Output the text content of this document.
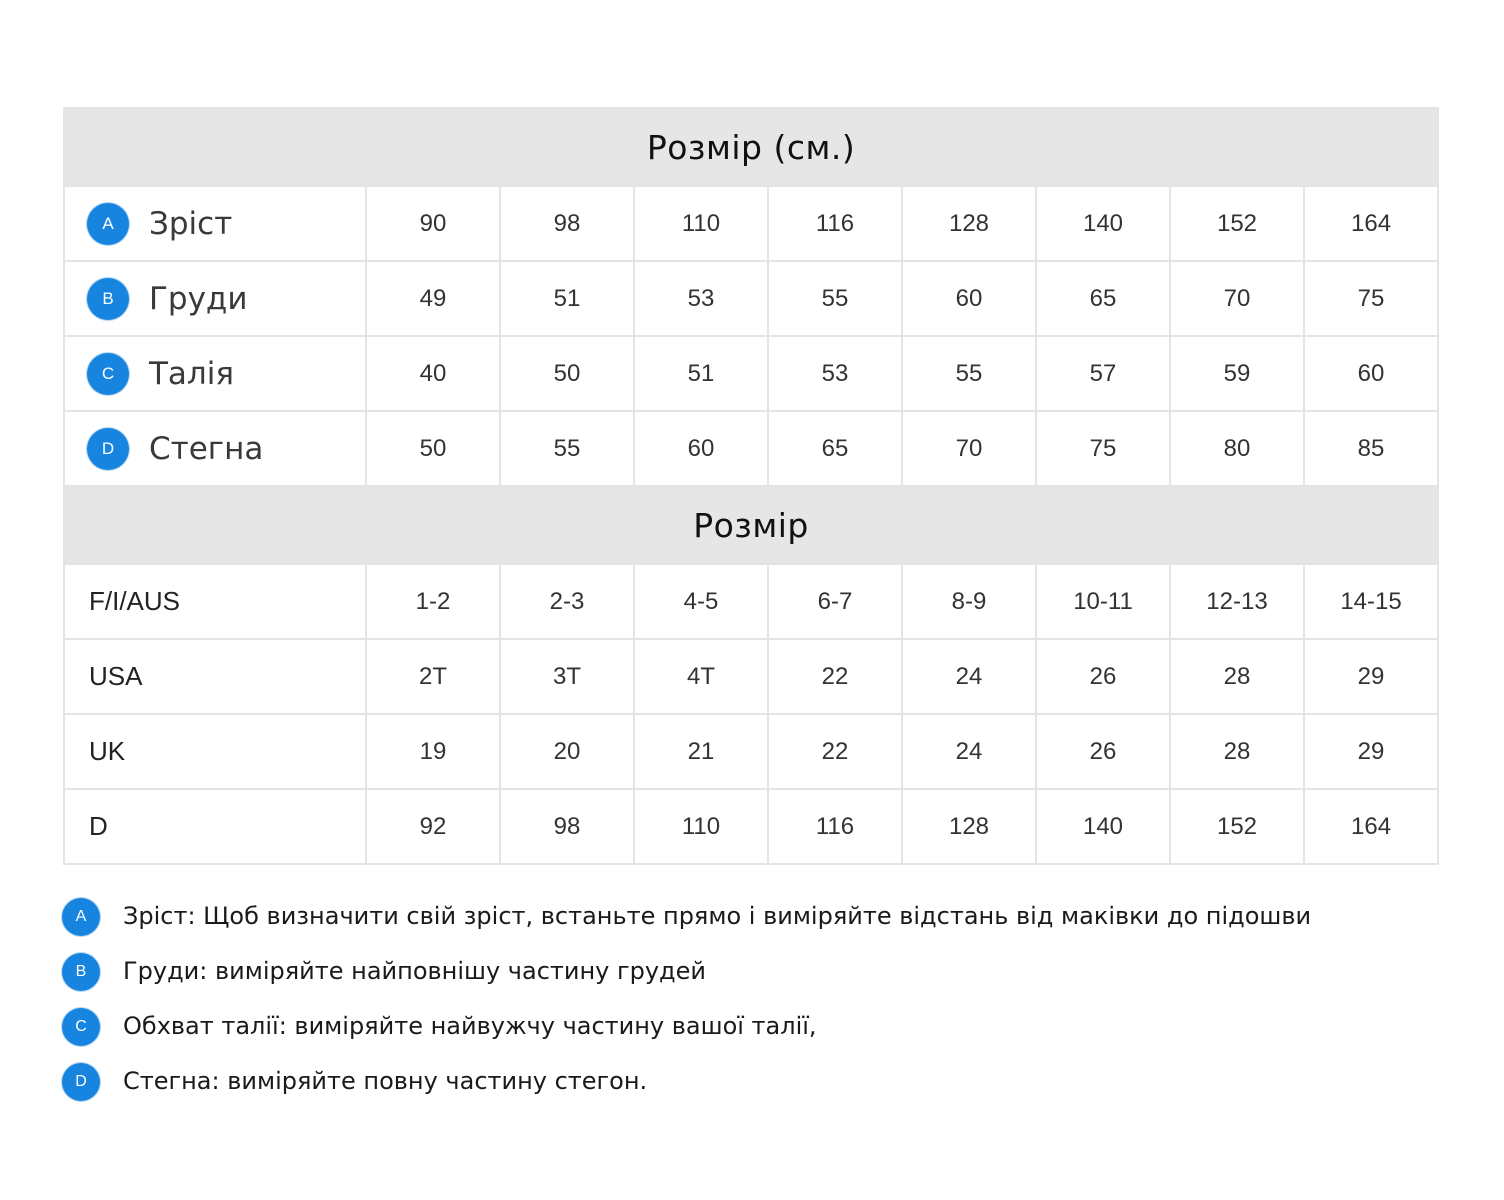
Розмір (см.)								
A Зріст	90	98	110	116	128	140	152	164
B Груди	49	51	53	55	60	65	70	75
C Талія	40	50	51	53	55	57	59	60
D Стегна	50	55	60	65	70	75	80	85
Розмір								
F/I/AUS	1-2	2-3	4-5	6-7	8-9	10-11	12-13	14-15
USA	2T	3T	4T	22	24	26	28	29
UK	19	20	21	22	24	26	28	29
D	92	98	110	116	128	140	152	164
A	Зріст: Щоб визначити свій зріст, встаньте прямо і виміряйте відстань від маківки до підошви
B	Груди: виміряйте найповнішу частину грудей
C	Обхват талії: виміряйте найвужчу частину вашої талії,
D	Стегна: виміряйте повну частину стегон.
